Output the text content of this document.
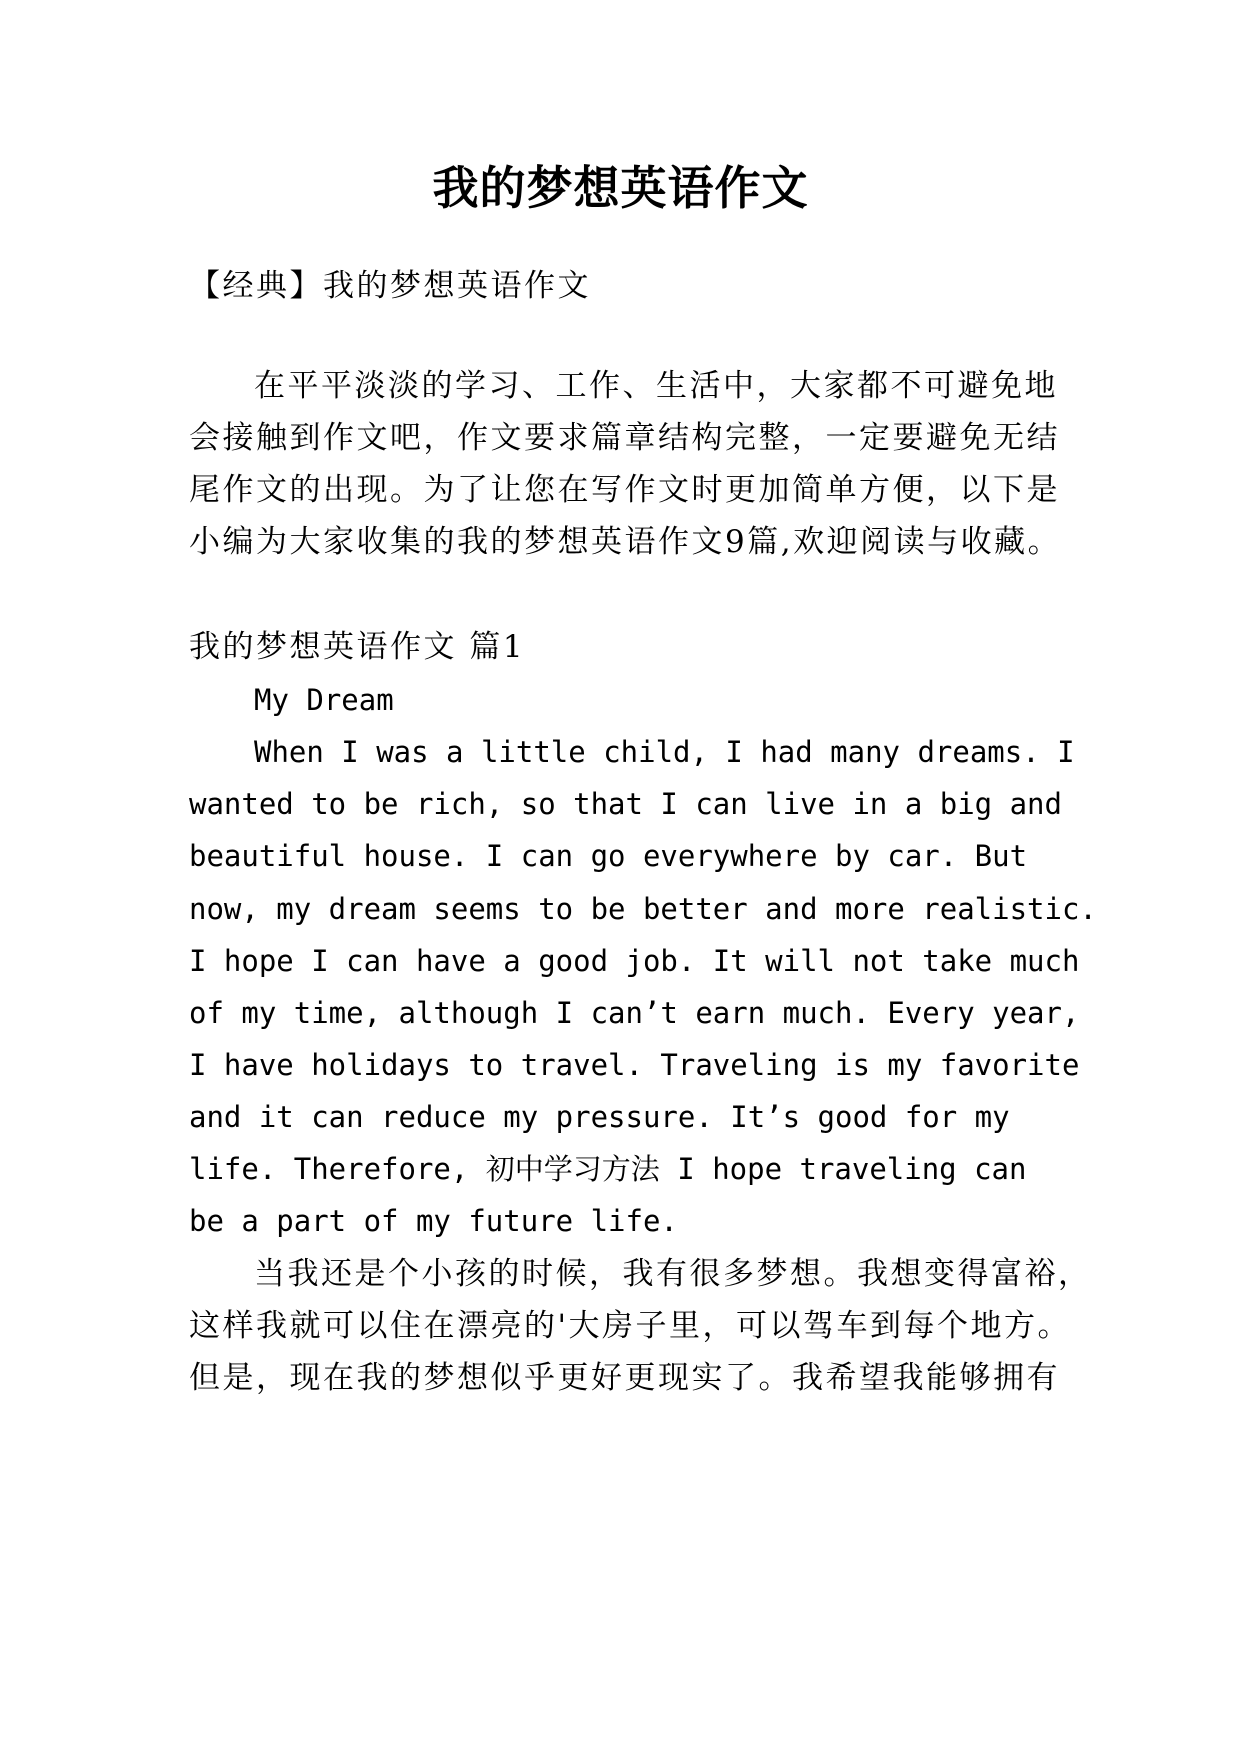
我的梦想英语作文

【经典】我的梦想英语作文

在平平淡淡的学习、工作、生活中，大家都不可避免地

会接触到作文吧，作文要求篇章结构完整，一定要避免无结

尾作文的出现。为了让您在写作文时更加简单方便，以下是

小编为大家收集的我的梦想英语作文9篇,欢迎阅读与收藏。

我的梦想英语作文 篇1

My Dream

When I was a little child, I had many dreams. I

wanted to be rich, so that I can live in a big and

beautiful house. I can go everywhere by car. But

now, my dream seems to be better and more realistic.

I hope I can have a good job. It will not take much

of my time, although I can’t earn much. Every year,

I have holidays to travel. Traveling is my favorite

and it can reduce my pressure. It’s good for my

life. Therefore, 初中学习方法 I hope traveling can

be a part of my future life.

当我还是个小孩的时候，我有很多梦想。我想变得富裕，

这样我就可以住在漂亮的'大房子里，可以驾车到每个地方。

但是，现在我的梦想似乎更好更现实了。我希望我能够拥有
